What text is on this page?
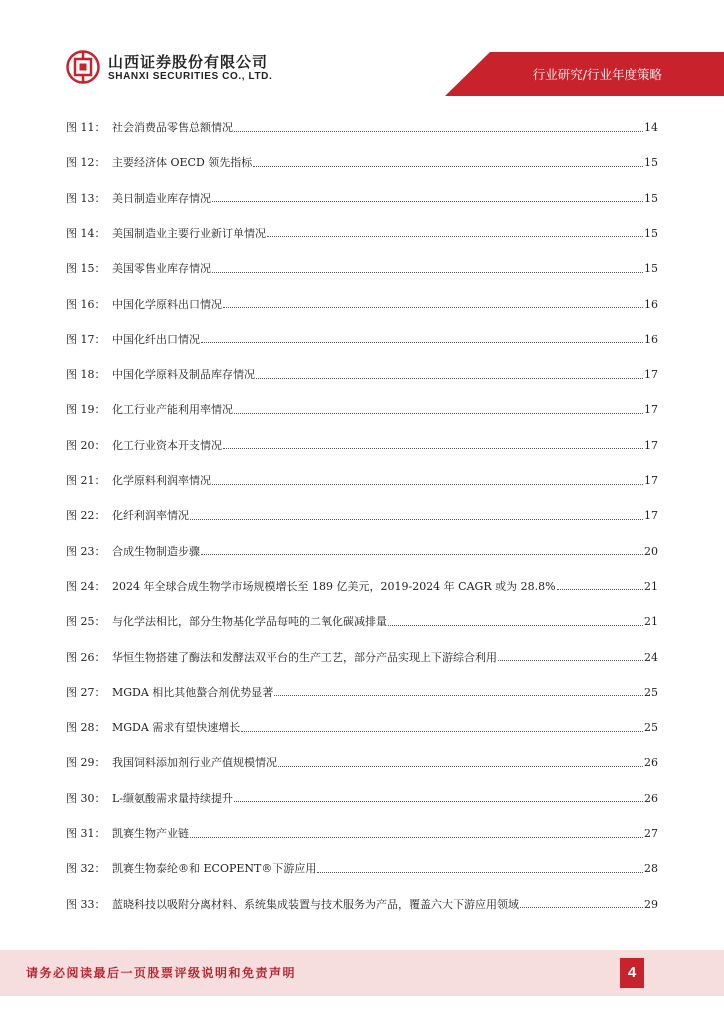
山西证券股份有限公司
SHANXI SECURITIES CO., LTD.	行业研究/行业年度策略
图 11： 社会消费品零售总额情况	14
图 12： 主要经济体 OECD 领先指标	15
图 13： 美日制造业库存情况	15
图 14： 美国制造业主要行业新订单情况	15
图 15： 美国零售业库存情况	15
图 16： 中国化学原料出口情况	16
图 17： 中国化纤出口情况	16
图 18： 中国化学原料及制品库存情况	17
图 19： 化工行业产能利用率情况	17
图 20： 化工行业资本开支情况	17
图 21： 化学原料利润率情况	17
图 22： 化纤利润率情况	17
图 23： 合成生物制造步骤	20
图 24： 2024 年全球合成生物学市场规模增长至 189 亿美元，2019-2024 年 CAGR 或为 28.8%	21
图 25： 与化学法相比，部分生物基化学品每吨的二氧化碳减排量	21
图 26： 华恒生物搭建了酶法和发酵法双平台的生产工艺，部分产品实现上下游综合利用	24
图 27： MGDA 相比其他螯合剂优势显著	25
图 28： MGDA 需求有望快速增长	25
图 29： 我国饲料添加剂行业产值规模情况	26
图 30： L-缬氨酸需求量持续提升	26
图 31： 凯赛生物产业链	27
图 32： 凯赛生物泰纶®和 ECOPENT®下游应用	28
图 33： 蓝晓科技以吸附分离材料、系统集成装置与技术服务为产品，覆盖六大下游应用领域	29
请务必阅读最后一页股票评级说明和免责声明	4
